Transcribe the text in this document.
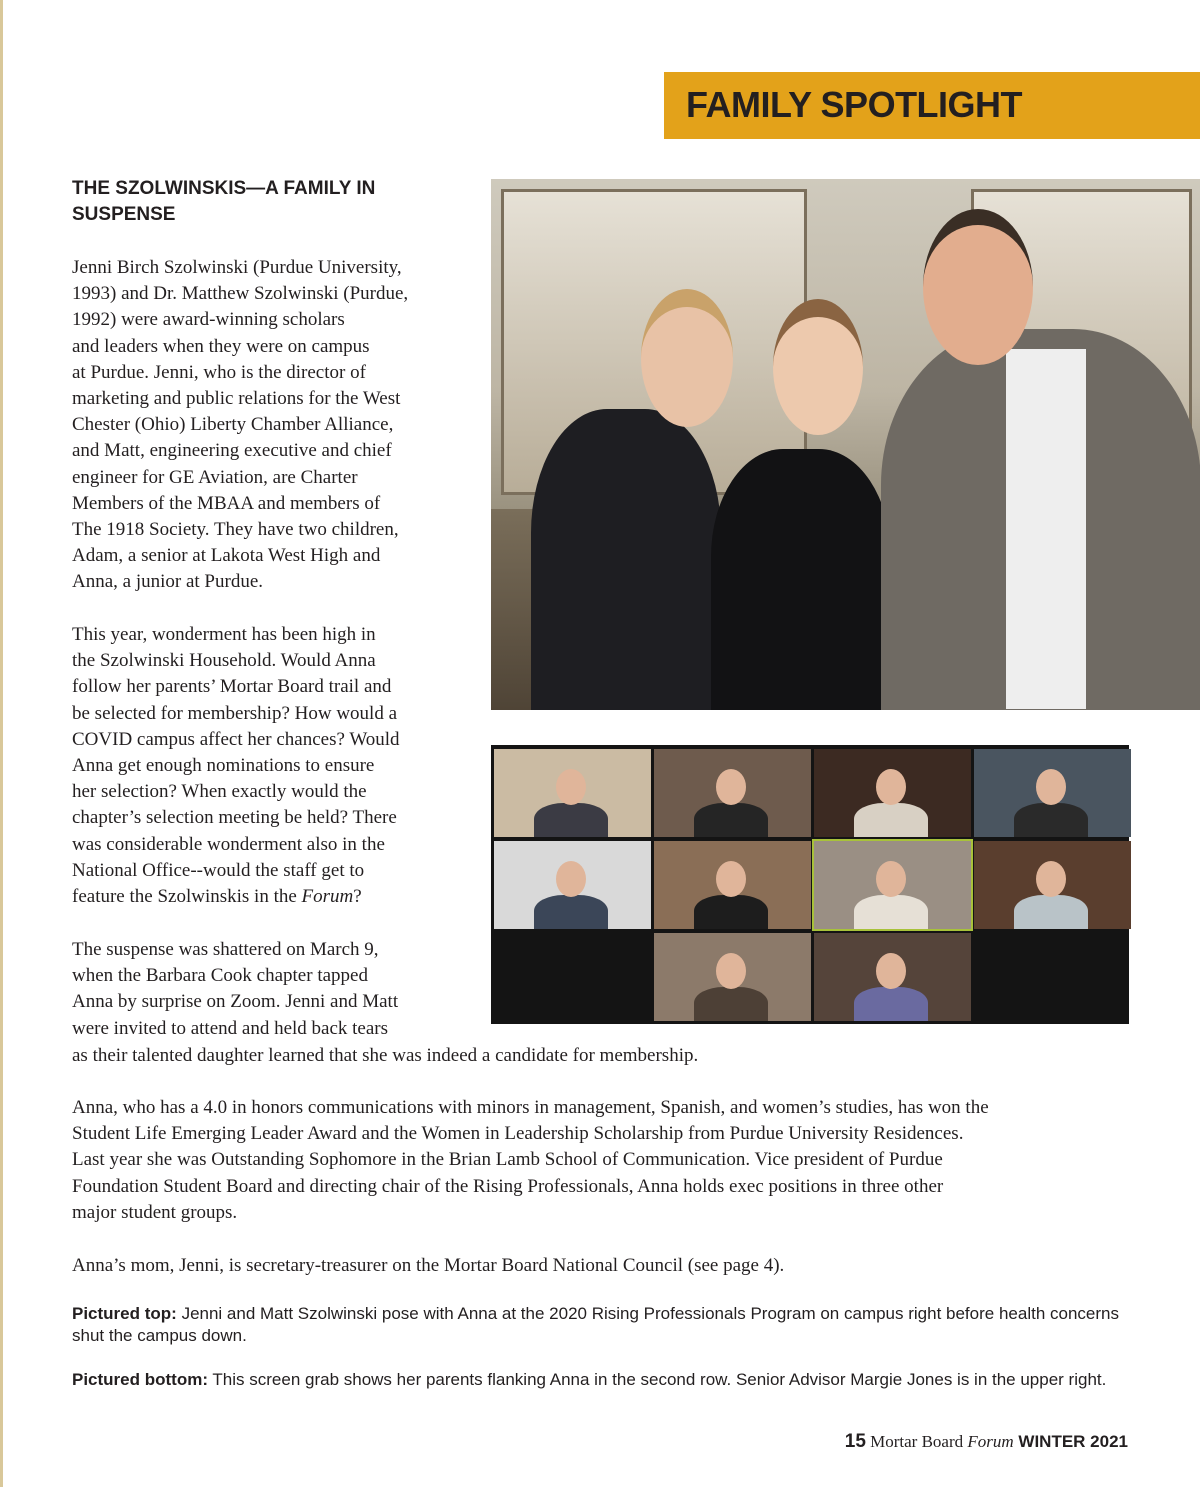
FAMILY SPOTLIGHT
THE SZOLWINSKIS—A FAMILY IN
SUSPENSE
Jenni Birch Szolwinski (Purdue University,
1993) and Dr. Matthew Szolwinski (Purdue,
1992) were award-winning scholars
and leaders when they were on campus
at Purdue. Jenni, who is the director of
marketing and public relations for the West
Chester (Ohio) Liberty Chamber Alliance,
and Matt, engineering executive and chief
engineer for GE Aviation, are Charter
Members of the MBAA and members of
The 1918 Society. They have two children,
Adam, a senior at Lakota West High and
Anna, a junior at Purdue.
This year, wonderment has been high in
the Szolwinski Household. Would Anna
follow her parents’ Mortar Board trail and
be selected for membership? How would a
COVID campus affect her chances? Would
Anna get enough nominations to ensure
her selection? When exactly would the
chapter’s selection meeting be held? There
was considerable wonderment also in the
National Office--would the staff get to
feature the Szolwinskis in the Forum?
The suspense was shattered on March 9,
when the Barbara Cook chapter tapped
Anna by surprise on Zoom. Jenni and Matt
were invited to attend and held back tears
as their talented daughter learned that she was indeed a candidate for membership.
Anna, who has a 4.0 in honors communications with minors in management, Spanish, and women’s studies, has won the
Student Life Emerging Leader Award and the Women in Leadership Scholarship from Purdue University Residences.
Last year she was Outstanding Sophomore in the Brian Lamb School of Communication. Vice president of Purdue
Foundation Student Board and directing chair of the Rising Professionals, Anna holds exec positions in three other
major student groups.
Anna’s mom, Jenni, is secretary-treasurer on the Mortar Board National Council (see page 4).
Pictured top: Jenni and Matt Szolwinski pose with Anna at the 2020 Rising Professionals Program on campus right before health concerns shut the campus down.
Pictured bottom: This screen grab shows her parents flanking Anna in the second row. Senior Advisor Margie Jones is in the upper right.
15 Mortar Board Forum WINTER 2021
